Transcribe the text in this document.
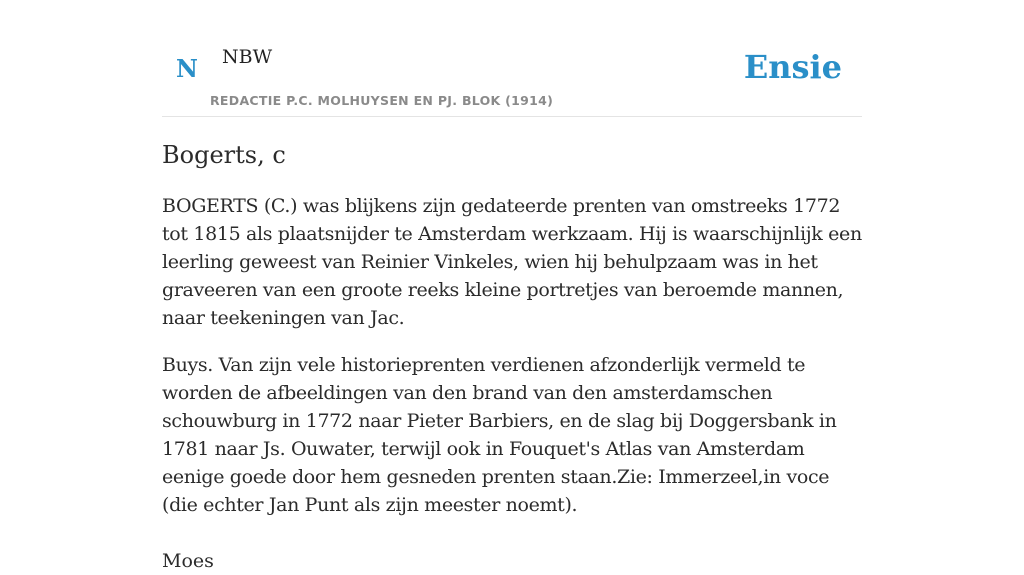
N NBW
REDACTIE P.C. MOLHUYSEN EN PJ. BLOK (1914)
Ensie
Bogerts, c

BOGERTS (C.) was blijkens zijn gedateerde prenten van omstreeks 1772 tot 1815 als plaatsnijder te Amsterdam werkzaam. Hij is waarschijnlijk een leerling geweest van Reinier Vinkeles, wien hij behulpzaam was in het graveeren van een groote reeks kleine portretjes van beroemde mannen, naar teekeningen van Jac.

Buys. Van zijn vele historieprenten verdienen afzonderlijk vermeld te worden de afbeeldingen van den brand van den amsterdamschen schouwburg in 1772 naar Pieter Barbiers, en de slag bij Doggersbank in 1781 naar Js. Ouwater, terwijl ook in Fouquet's Atlas van Amsterdam eenige goede door hem gesneden prenten staan.Zie: Immerzeel,in voce (die echter Jan Punt als zijn meester noemt).

Moes
